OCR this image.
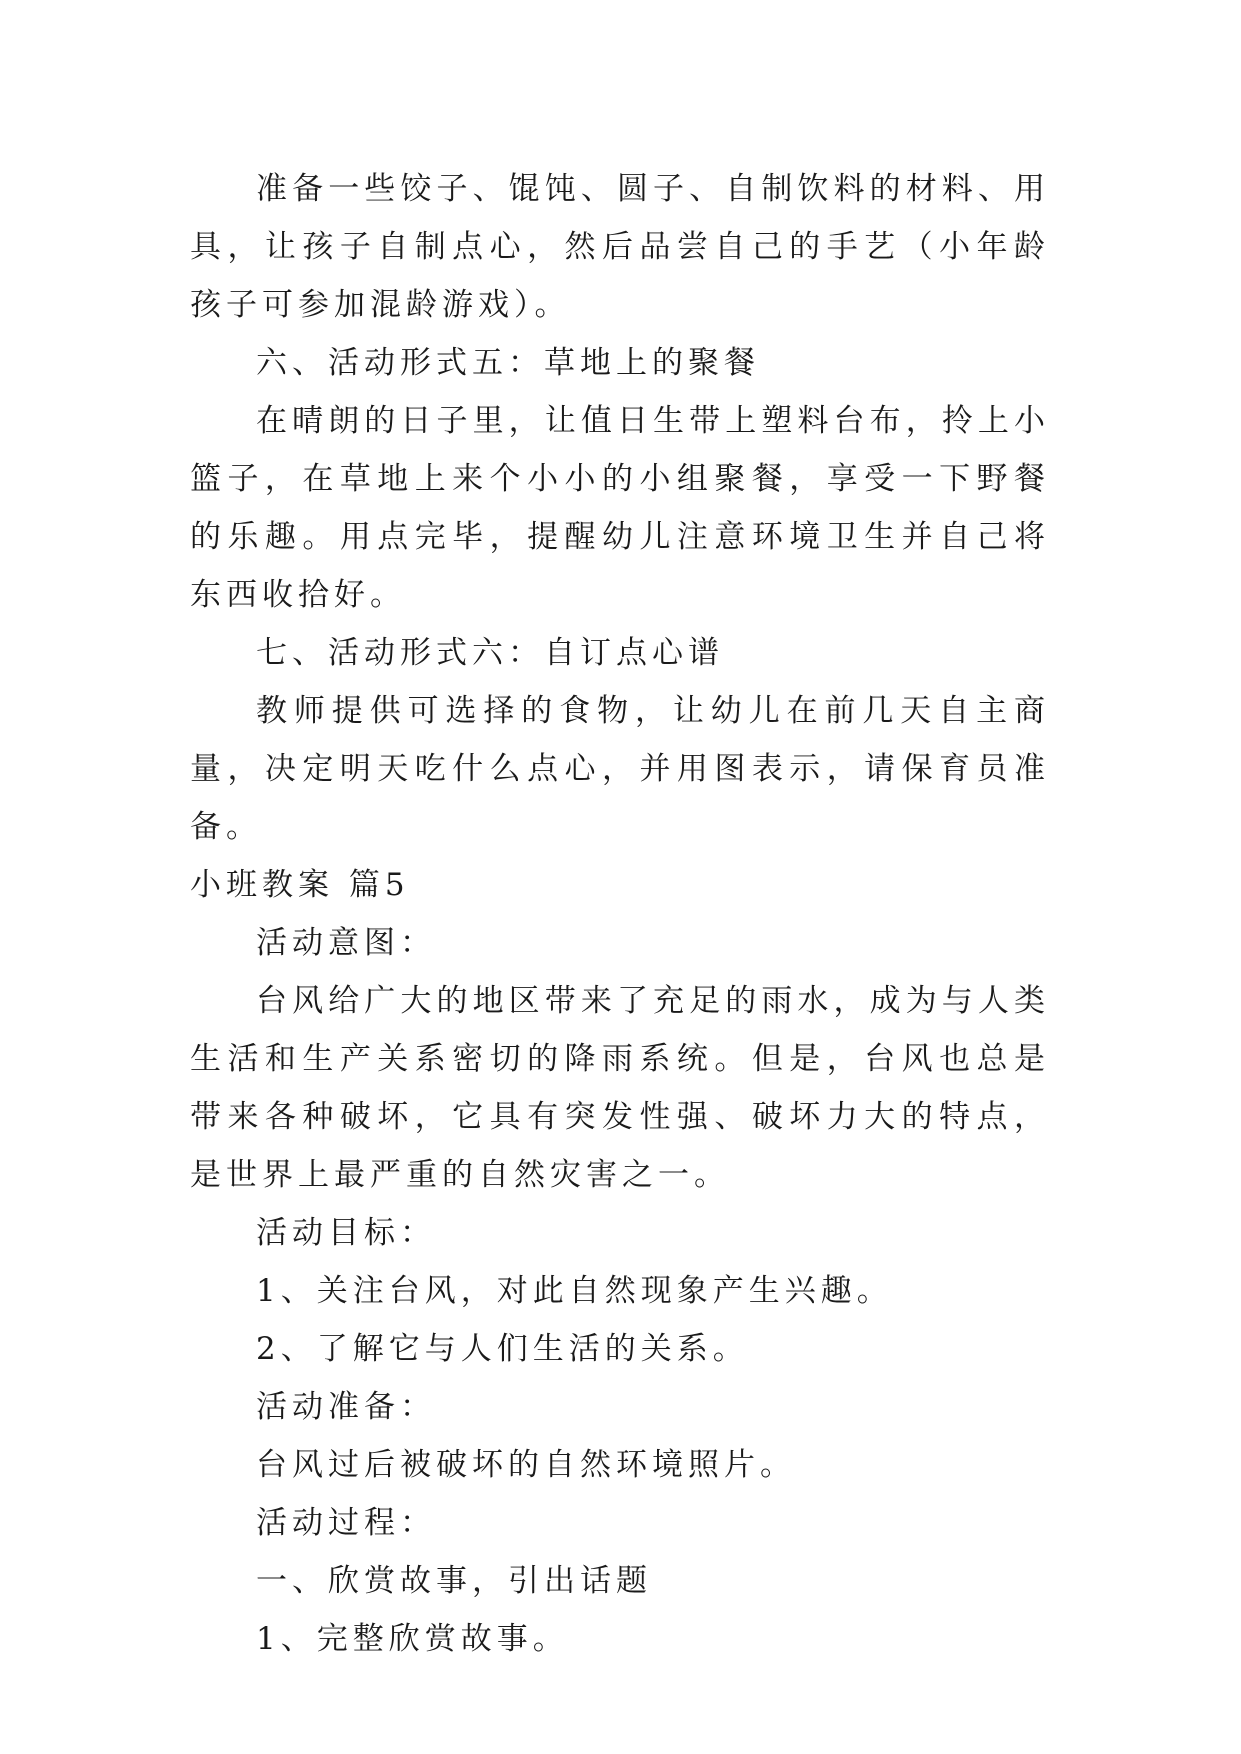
准备一些饺子、馄饨、圆子、自制饮料的材料、用具，让孩子自制点心，然后品尝自己的手艺（小年龄孩子可参加混龄游戏）。

六、活动形式五：草地上的聚餐

在晴朗的日子里，让值日生带上塑料台布，拎上小篮子，在草地上来个小小的小组聚餐，享受一下野餐的乐趣。用点完毕，提醒幼儿注意环境卫生并自己将东西收拾好。

七、活动形式六：自订点心谱

教师提供可选择的食物，让幼儿在前几天自主商量，决定明天吃什么点心，并用图表示，请保育员准备。

小班教案 篇5

活动意图：

台风给广大的地区带来了充足的雨水，成为与人类生活和生产关系密切的降雨系统。但是，台风也总是带来各种破坏，它具有突发性强、破坏力大的特点，是世界上最严重的自然灾害之一。

活动目标：

1、关注台风，对此自然现象产生兴趣。

2、了解它与人们生活的关系。

活动准备：

台风过后被破坏的自然环境照片。

活动过程：

一、欣赏故事，引出话题

1、完整欣赏故事。
